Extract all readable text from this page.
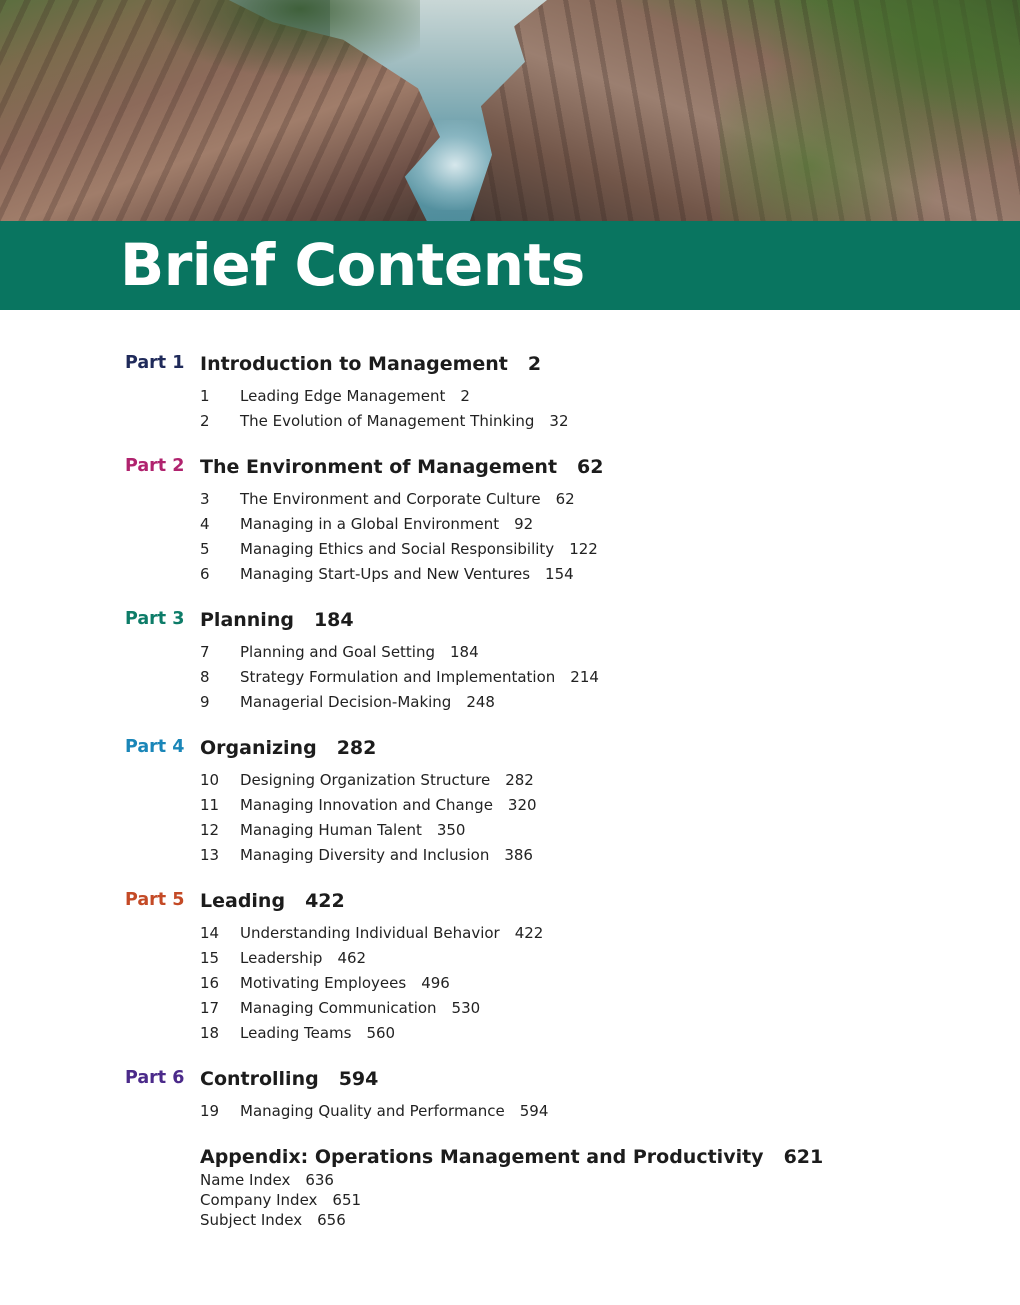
Brief Contents
Part 1 Introduction to Management 2
1 Leading Edge Management 2
2 The Evolution of Management Thinking 32
Part 2 The Environment of Management 62
3 The Environment and Corporate Culture 62
4 Managing in a Global Environment 92
5 Managing Ethics and Social Responsibility 122
6 Managing Start-Ups and New Ventures 154
Part 3 Planning 184
7 Planning and Goal Setting 184
8 Strategy Formulation and Implementation 214
9 Managerial Decision-Making 248
Part 4 Organizing 282
10 Designing Organization Structure 282
11 Managing Innovation and Change 320
12 Managing Human Talent 350
13 Managing Diversity and Inclusion 386
Part 5 Leading 422
14 Understanding Individual Behavior 422
15 Leadership 462
16 Motivating Employees 496
17 Managing Communication 530
18 Leading Teams 560
Part 6 Controlling 594
19 Managing Quality and Performance 594
Appendix: Operations Management and Productivity 621
Name Index 636
Company Index 651
Subject Index 656
